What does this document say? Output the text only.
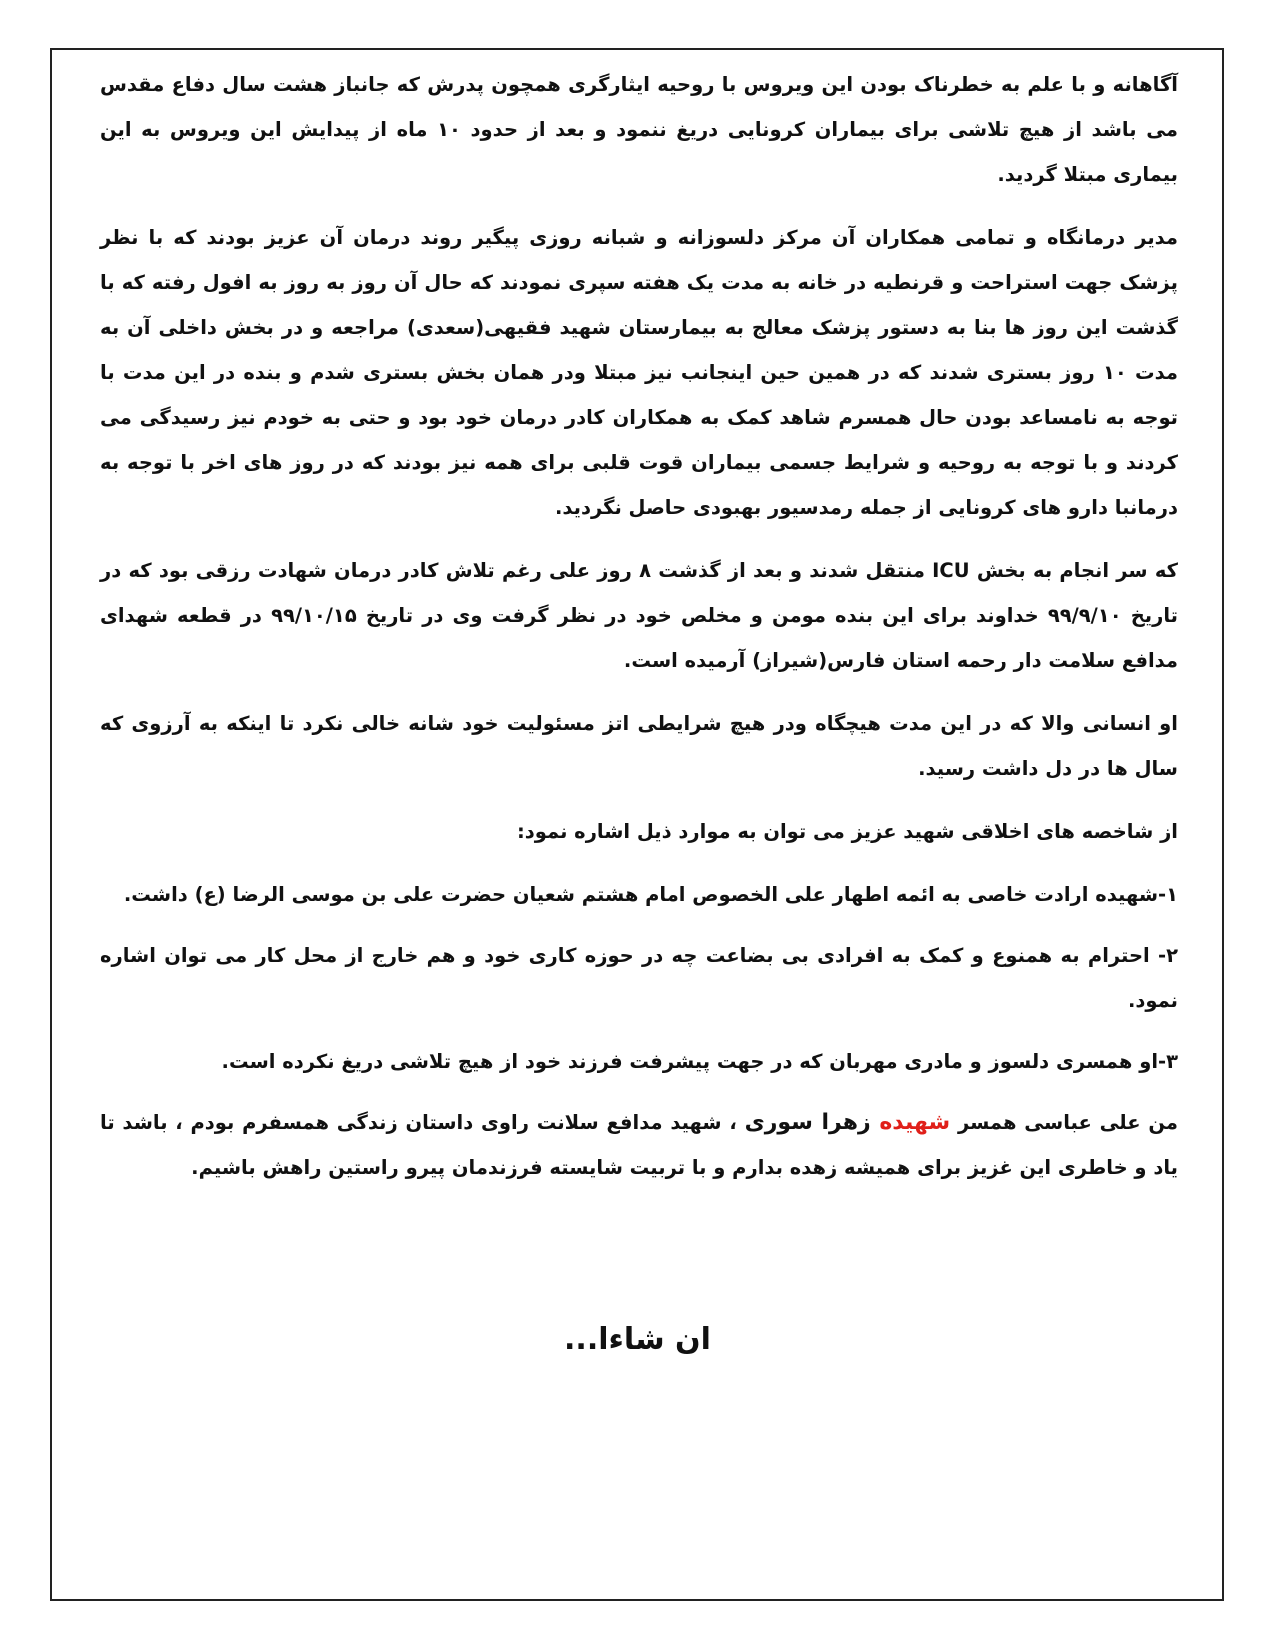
آگاهانه و با علم به خطرناک بودن این ویروس با روحیه ایثارگری همچون پدرش که جانباز هشت سال دفاع مقدس می باشد از هیچ تلاشی برای بیماران کرونایی دریغ ننمود و بعد از حدود ۱۰ ماه از پیدایش این ویروس به این بیماری مبتلا گردید.

مدیر درمانگاه و تمامی همکاران آن مرکز دلسوزانه و شبانه روزی پیگیر روند درمان آن عزیز بودند که با نظر پزشک جهت استراحت و قرنطیه در خانه به مدت یک هفته سپری نمودند که حال آن روز به روز به افول رفته که با گذشت این روز ها بنا به دستور پزشک معالج به بیمارستان شهید فقیهی(سعدی) مراجعه و در بخش داخلی آن به مدت ۱۰ روز بستری شدند که در همین حین اینجانب نیز مبتلا ودر همان بخش بستری شدم و بنده در این مدت با توجه به نامساعد بودن حال همسرم شاهد کمک به همکاران کادر درمان خود بود و حتی به خودم نیز رسیدگی می کردند و با توجه به روحیه و شرایط جسمی بیماران قوت قلبی برای همه نیز بودند که در روز های اخر با توجه به درمانبا دارو های کرونایی از جمله رمدسیور بهبودی حاصل نگردید.

که سر انجام به بخش ICU منتقل شدند و بعد از گذشت ۸ روز علی رغم تلاش کادر درمان شهادت رزقی بود که در تاریخ ۹۹/۹/۱۰ خداوند برای این بنده مومن و مخلص خود در نظر گرفت وی در تاریخ ۹۹/۱۰/۱۵ در قطعه شهدای مدافع سلامت دار رحمه استان فارس(شیراز) آرمیده است.

او انسانی والا که در این مدت هیچگاه ودر هیچ شرایطی اتز مسئولیت خود شانه خالی نکرد تا اینکه به آرزوی که سال ها در دل داشت رسید.

از شاخصه های اخلاقی شهید عزیز می توان به موارد ذیل اشاره نمود:

۱-شهیده ارادت خاصی به ائمه اطهار علی الخصوص امام هشتم شعیان حضرت علی بن موسی الرضا (ع) داشت.

۲- احترام به همنوع و کمک به افرادی بی بضاعت چه در حوزه کاری خود و هم خارج از محل کار می توان اشاره نمود.

۳-او همسری دلسوز و مادری مهربان که در جهت پیشرفت فرزند خود از هیچ تلاشی دریغ نکرده است.

من علی عباسی همسر شهیده زهرا سوری ، شهید مدافع سلانت راوی داستان زندگی همسفرم بودم ، باشد تا یاد و خاطری این غزیز برای همیشه زهده بدارم و با تربیت شایسته فرزندمان پیرو راستین راهش باشیم.

ان شاءا...
